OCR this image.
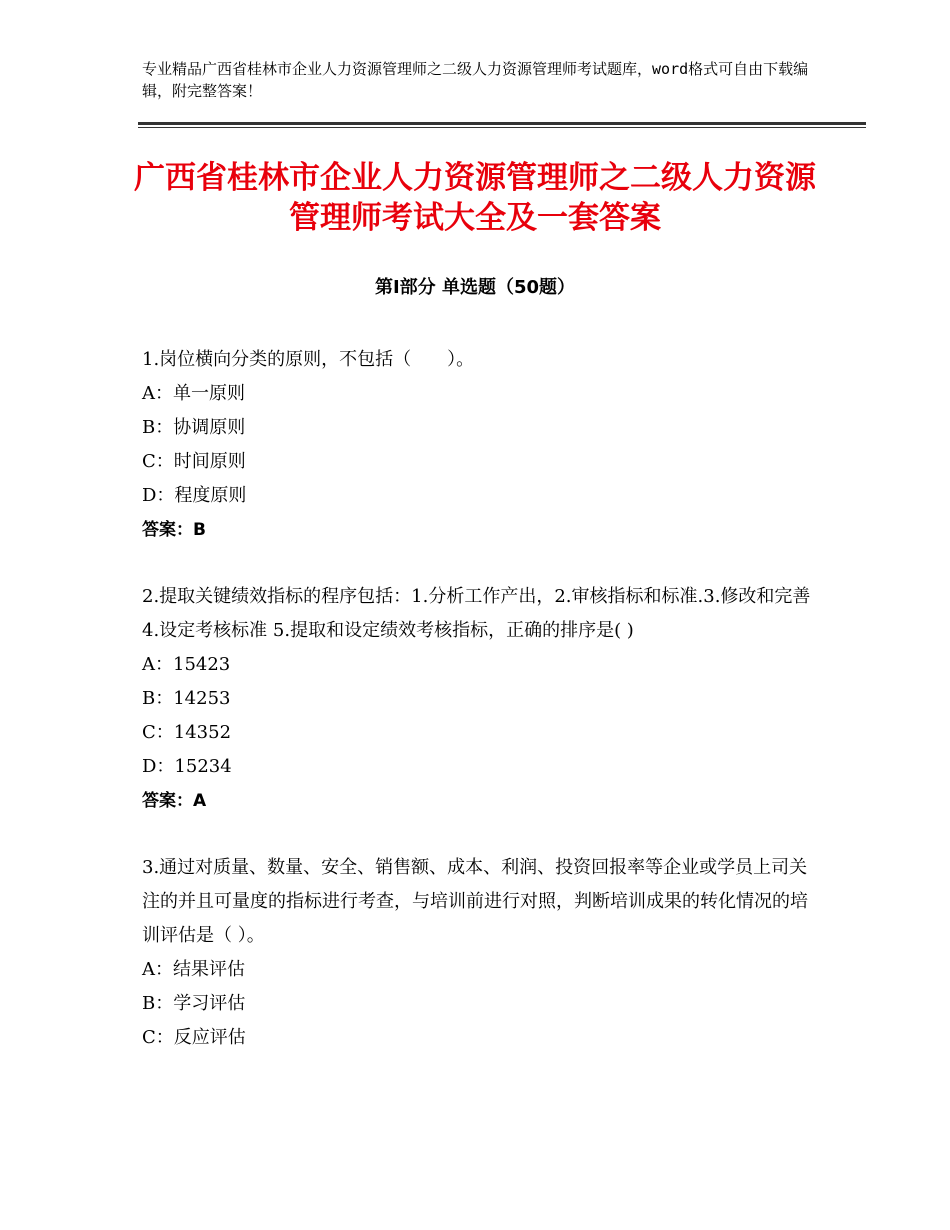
专业精品广西省桂林市企业人力资源管理师之二级人力资源管理师考试题库，word格式可自由下载编辑，附完整答案！
广西省桂林市企业人力资源管理师之二级人力资源管理师考试大全及一套答案
第Ⅰ部分 单选题（50题）
1.岗位横向分类的原则，不包括（　　）。
A：单一原则
B：协调原则
C：时间原则
D：程度原则
答案：B
2.提取关键绩效指标的程序包括：1.分析工作产出，2.审核指标和标准.3.修改和完善 4.设定考核标准 5.提取和设定绩效考核指标，正确的排序是( )
A：15423
B：14253
C：14352
D：15234
答案：A
3.通过对质量、数量、安全、销售额、成本、利润、投资回报率等企业或学员上司关注的并且可量度的指标进行考查，与培训前进行对照，判断培训成果的转化情况的培训评估是（ ）。
A：结果评估
B：学习评估
C：反应评估
